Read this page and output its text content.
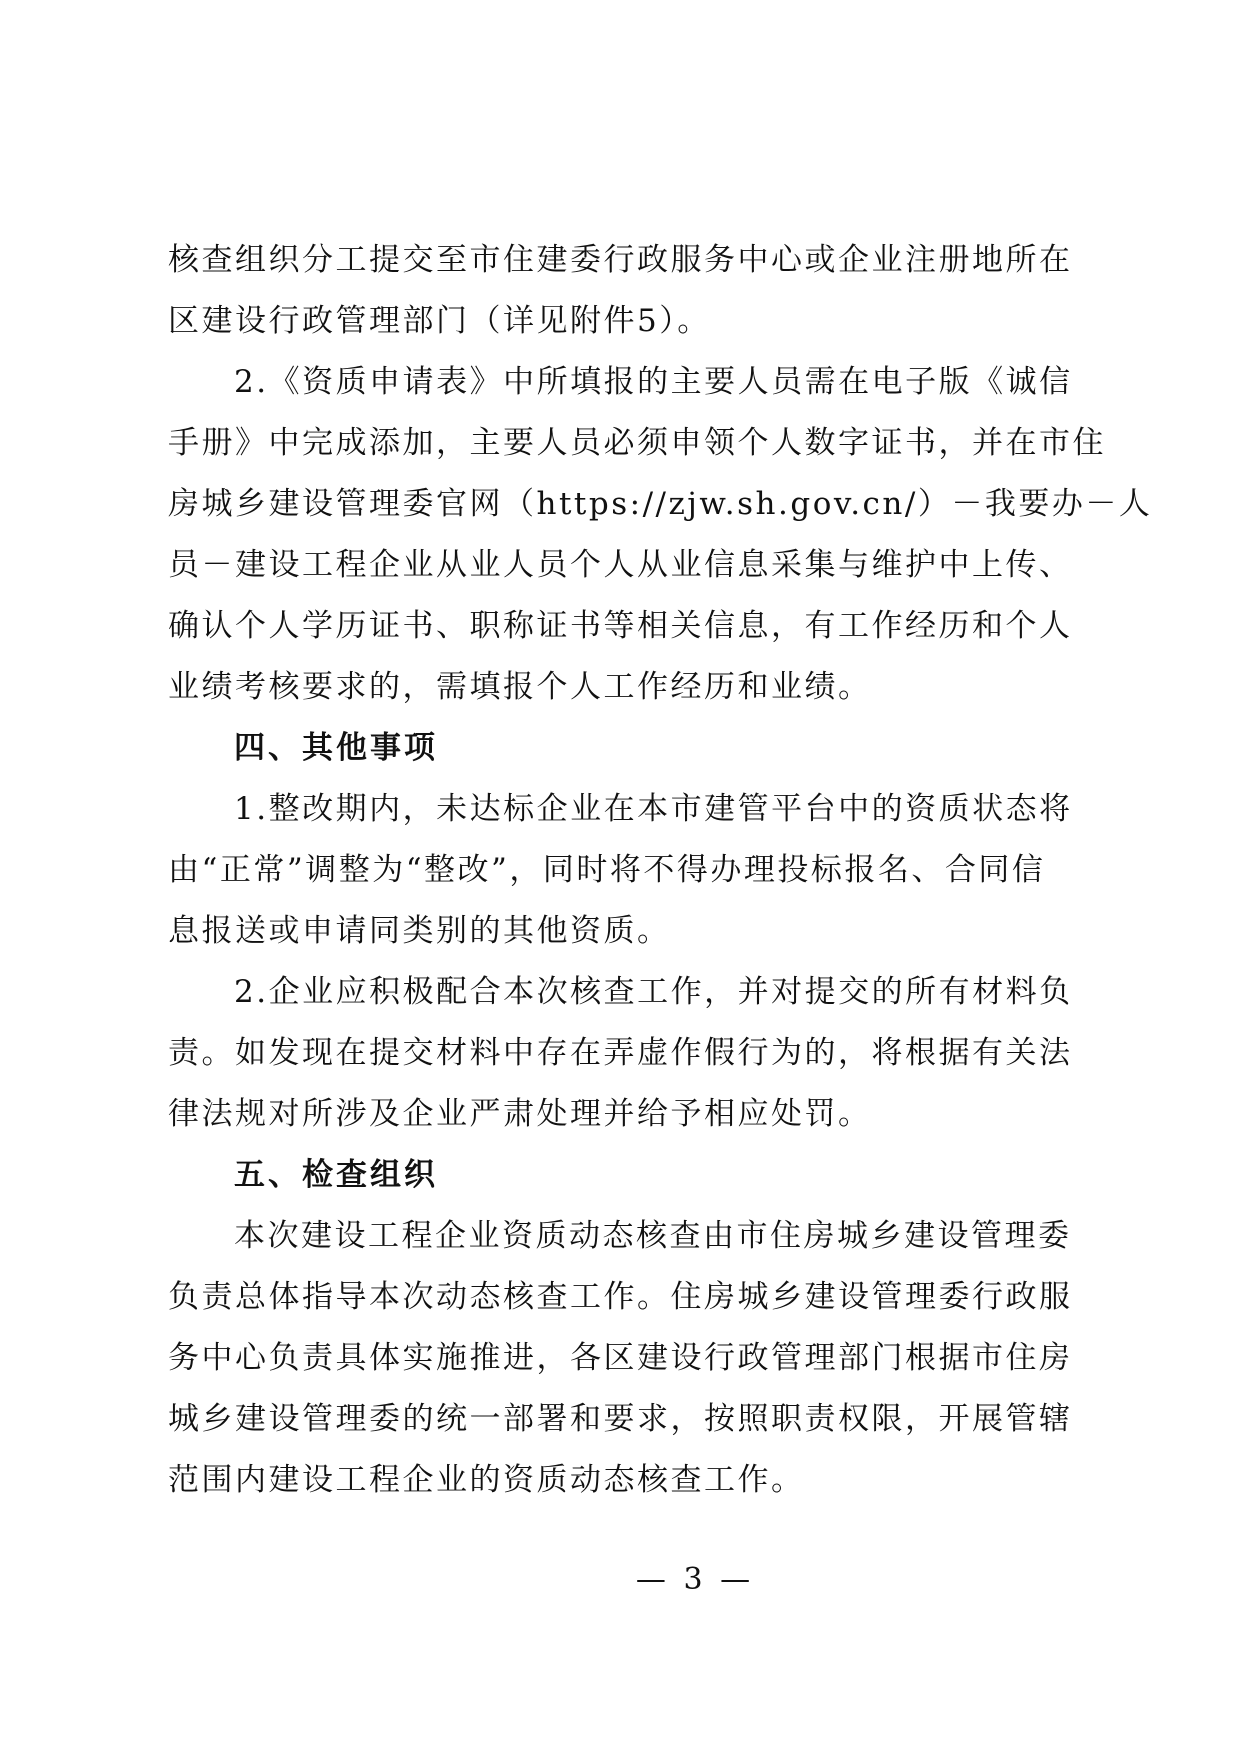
核查组织分工提交至市住建委行政服务中心或企业注册地所在
区建设行政管理部门（详见附件5）。
2.《资质申请表》中所填报的主要人员需在电子版《诚信
手册》中完成添加，主要人员必须申领个人数字证书，并在市住
房城乡建设管理委官网（https://zjw.sh.gov.cn/）－我要办－人
员－建设工程企业从业人员个人从业信息采集与维护中上传、
确认个人学历证书、职称证书等相关信息，有工作经历和个人
业绩考核要求的，需填报个人工作经历和业绩。
四、其他事项
1.整改期内，未达标企业在本市建管平台中的资质状态将
由“正常”调整为“整改”，同时将不得办理投标报名、合同信
息报送或申请同类别的其他资质。
2.企业应积极配合本次核查工作，并对提交的所有材料负
责。如发现在提交材料中存在弄虚作假行为的，将根据有关法
律法规对所涉及企业严肃处理并给予相应处罚。
五、检查组织
本次建设工程企业资质动态核查由市住房城乡建设管理委
负责总体指导本次动态核查工作。住房城乡建设管理委行政服
务中心负责具体实施推进，各区建设行政管理部门根据市住房
城乡建设管理委的统一部署和要求，按照职责权限，开展管辖
范围内建设工程企业的资质动态核查工作。
— 3 —
